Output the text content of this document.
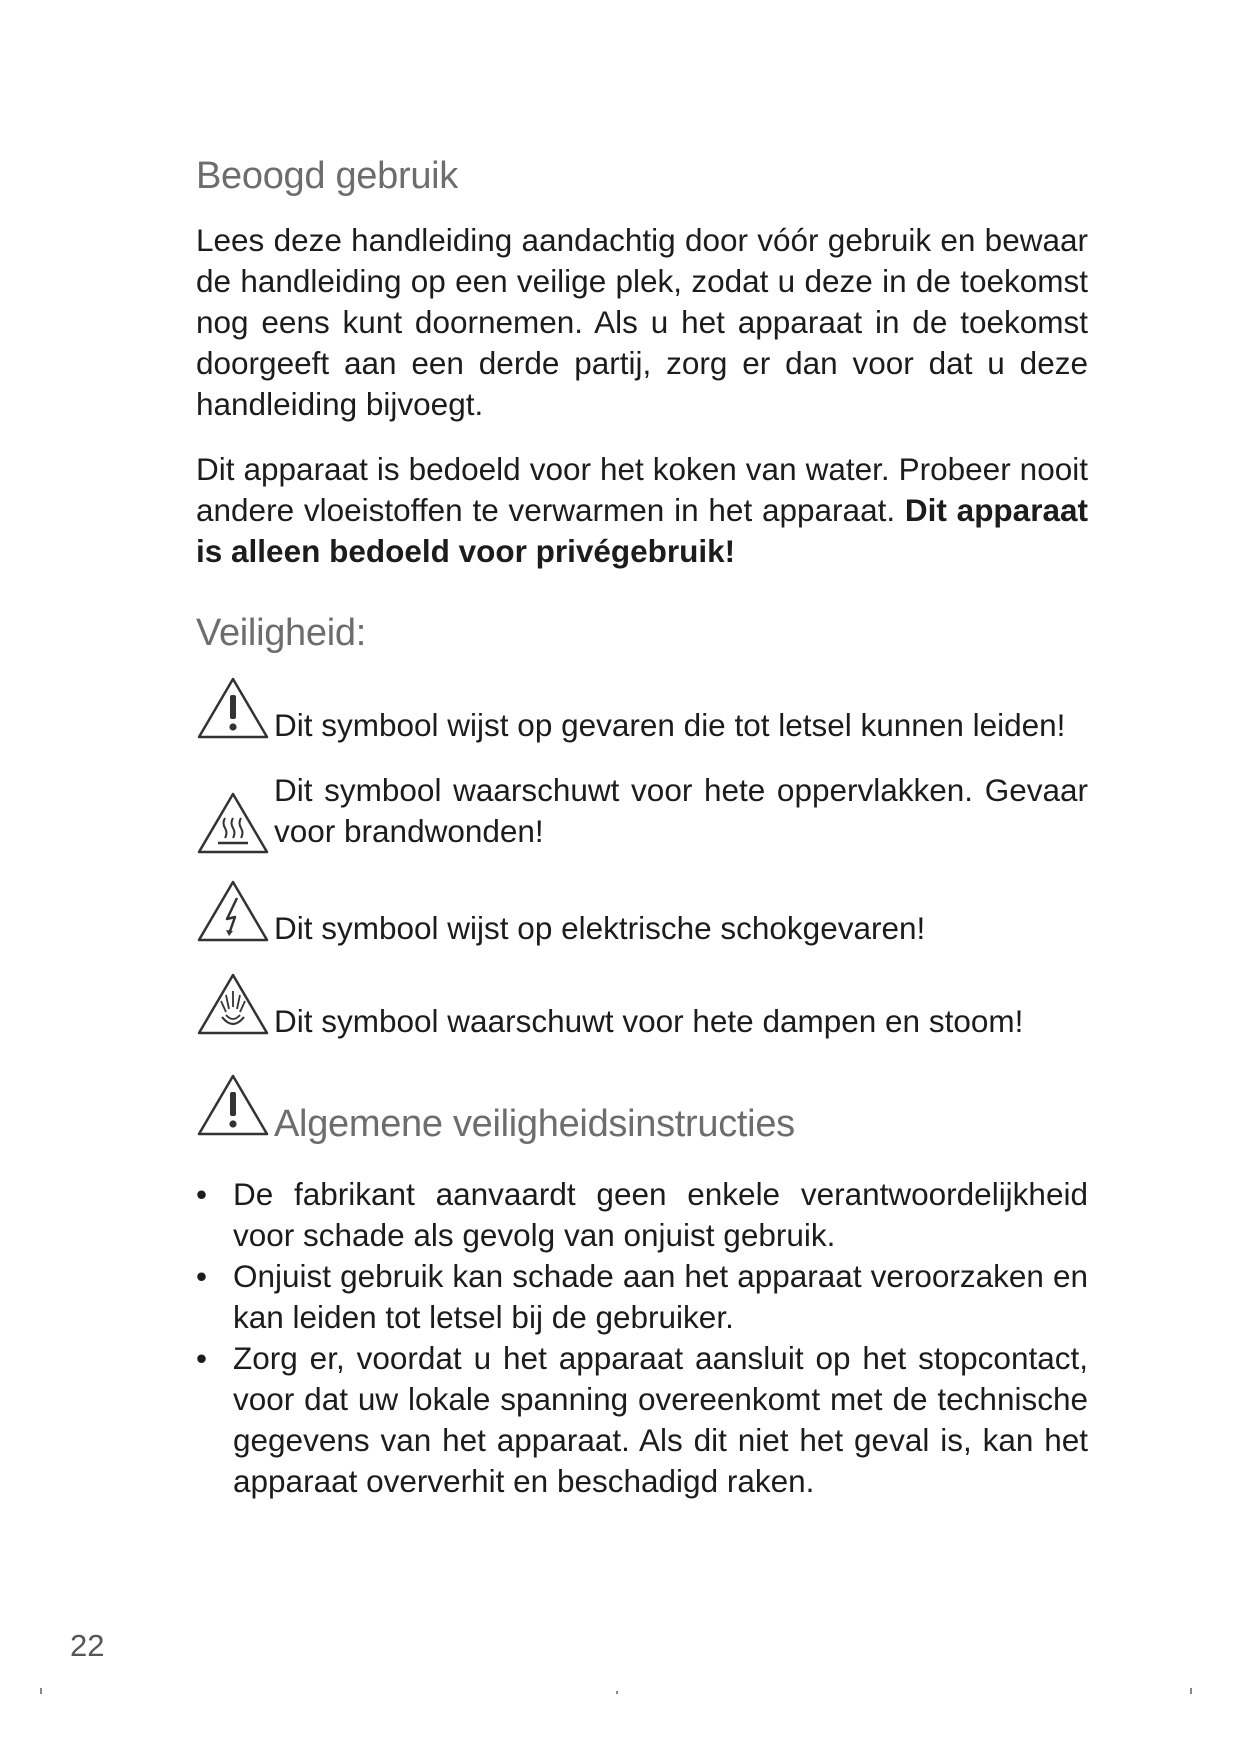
Beoogd gebruik

Lees deze handleiding aandachtig door vóór gebruik en bewaar de handleiding op een veilige plek, zodat u deze in de toekomst nog eens kunt doornemen. Als u het apparaat in de toekomst doorgeeft aan een derde partij, zorg er dan voor dat u deze handleiding bijvoegt.

Dit apparaat is bedoeld voor het koken van water. Probeer nooit andere vloeistoffen te verwarmen in het apparaat. Dit apparaat is alleen bedoeld voor privégebruik!

Veiligheid:
Dit symbool wijst op gevaren die tot letsel kunnen leiden!
Dit symbool waarschuwt voor hete oppervlakken. Gevaar voor brandwonden!
Dit symbool wijst op elektrische schokgevaren!
Dit symbool waarschuwt voor hete dampen en stoom!
Algemene veiligheidsinstructies
• De fabrikant aanvaardt geen enkele verantwoordelijkheid voor schade als gevolg van onjuist gebruik.
• Onjuist gebruik kan schade aan het apparaat veroorzaken en kan leiden tot letsel bij de gebruiker.
• Zorg er, voordat u het apparaat aansluit op het stopcontact, voor dat uw lokale spanning overeenkomt met de technische gegevens van het apparaat. Als dit niet het geval is, kan het apparaat oververhit en beschadigd raken.
22
